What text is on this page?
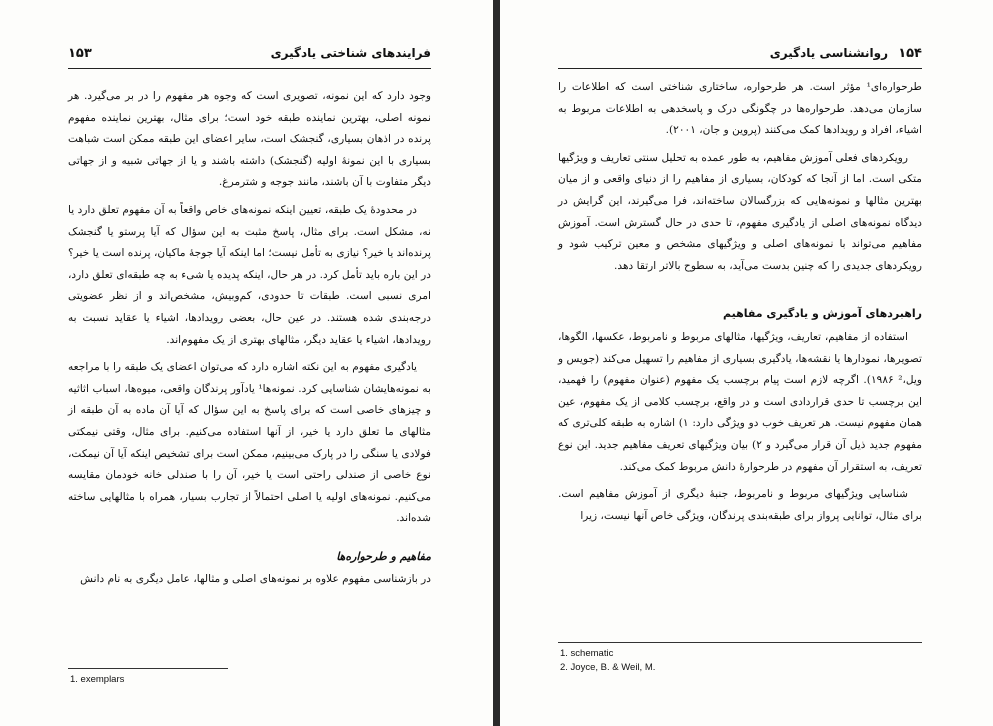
۱۵۳	فرایندهای شناختی یادگیری

وجود دارد که این نمونه، تصویری است که وجوه هر مفهوم را در بر می‌گیرد. هر نمونه اصلی، بهترین نماینده طبقه خود است؛ برای مثال، بهترین نماینده مفهوم پرنده در اذهان بسیاری، گنجشک است، سایر اعضای این طبقه ممکن است شباهت بسیاری با این نمونهٔ اولیه (گنجشک) داشته باشند و یا از جهاتی شبیه و از جهاتی دیگر متفاوت با آن باشند، مانند جوجه و شترمرغ.

در محدودهٔ یک طبقه، تعیین اینکه نمونه‌های خاص واقعاً به آن مفهوم تعلق دارد یا نه، مشکل است. برای مثال، پاسخ مثبت به این سؤال که آیا پرستو یا گنجشک پرنده‌اند یا خیر؟ نیازی به تأمل نیست؛ اما اینکه آیا جوجهٔ ماکیان، پرنده است یا خیر؟ در این باره باید تأمل کرد. در هر حال، اینکه پدیده یا شیء به چه طبقه‌ای تعلق دارد، امری نسبی است. طبقات تا حدودی، کم‌وبیش، مشخص‌اند و از نظر عضویتی درجه‌بندی شده هستند. در عین حال، بعضی رویدادها، اشیاء یا عقاید نسبت به رویدادها، اشیاء یا عقاید دیگر، مثالهای بهتری از یک مفهوم‌اند.

یادگیری مفهوم به این نکته اشاره دارد که می‌توان اعضای یک طبقه را با مراجعه به نمونه‌هایشان شناسایی کرد. نمونه‌ها¹ یادآور پرندگان واقعی، میوه‌ها، اسباب اثاثیه و چیزهای خاصی است که برای پاسخ به این سؤال که آیا آن ماده به آن طبقه از مثالهای ما تعلق دارد یا خیر، از آنها استفاده می‌کنیم. برای مثال، وقتی نیمکتی فولادی یا سنگی را در پارک می‌بینیم، ممکن است برای تشخیص اینکه آیا آن نیمکت، نوع خاصی از صندلی راحتی است یا خیر، آن را با صندلی خانه خودمان مقایسه می‌کنیم. نمونه‌های اولیه یا اصلی احتمالاً از تجارب بسیار، همراه با مثالهایی ساخته شده‌اند.

مفاهیم و طرحواره‌ها

در بازشناسی مفهوم علاوه بر نمونه‌های اصلی و مثالها، عامل دیگری به نام دانش

1. exemplars
۱۵۴
روانشناسی یادگیری

طرحواره‌ای¹ مؤثر است. هر طرحواره، ساختاری شناختی است که اطلاعات را سازمان می‌دهد. طرحواره‌ها در چگونگی درک و پاسخدهی به اطلاعات مربوط به اشیاء، افراد و رویدادها کمک می‌کنند (پروین و جان، ۲۰۰۱).

رویکردهای فعلی آموزش مفاهیم، به طور عمده به تحلیل سنتی تعاریف و ویژگیها متکی است. اما از آنجا که کودکان، بسیاری از مفاهیم را از دنیای واقعی و از میان بهترین مثالها و نمونه‌هایی که بزرگسالان ساخته‌اند، فرا می‌گیرند، این گرایش در دیدگاه نمونه‌های اصلی از یادگیری مفهوم، تا حدی در حال گسترش است. آموزش مفاهیم می‌تواند با نمونه‌های اصلی و ویژگیهای مشخص و معین ترکیب شود و رویکردهای جدیدی را که چنین بدست می‌آید، به سطوح بالاتر ارتقا دهد.

راهبردهای آموزش و یادگیری مفاهیم

استفاده از مفاهیم، تعاریف، ویژگیها، مثالهای مربوط و نامربوط، عکسها، الگوها، تصویرها، نمودارها یا نقشه‌ها، یادگیری بسیاری از مفاهیم را تسهیل می‌کند (جویس و ویل،² ۱۹۸۶). اگرچه لازم است پیام برچسب یک مفهوم (عنوان مفهوم) را فهمید، این برچسب تا حدی قراردادی است و در واقع، برچسب کلامی از یک مفهوم، عین همان مفهوم نیست. هر تعریف خوب دو ویژگی دارد: ۱) اشاره به طبقه کلی‌تری که مفهوم جدید ذیل آن قرار می‌گیرد و ۲) بیان ویژگیهای تعریف مفاهیم جدید. این نوع تعریف، به استقرار آن مفهوم در طرحوارهٔ دانش مربوط کمک می‌کند.

شناسایی ویژگیهای مربوط و نامربوط، جنبهٔ دیگری از آموزش مفاهیم است. برای مثال، توانایی پرواز برای طبقه‌بندی پرندگان، ویژگی خاص آنها نیست، زیرا

1. schematic
2. Joyce, B. & Weil, M.
